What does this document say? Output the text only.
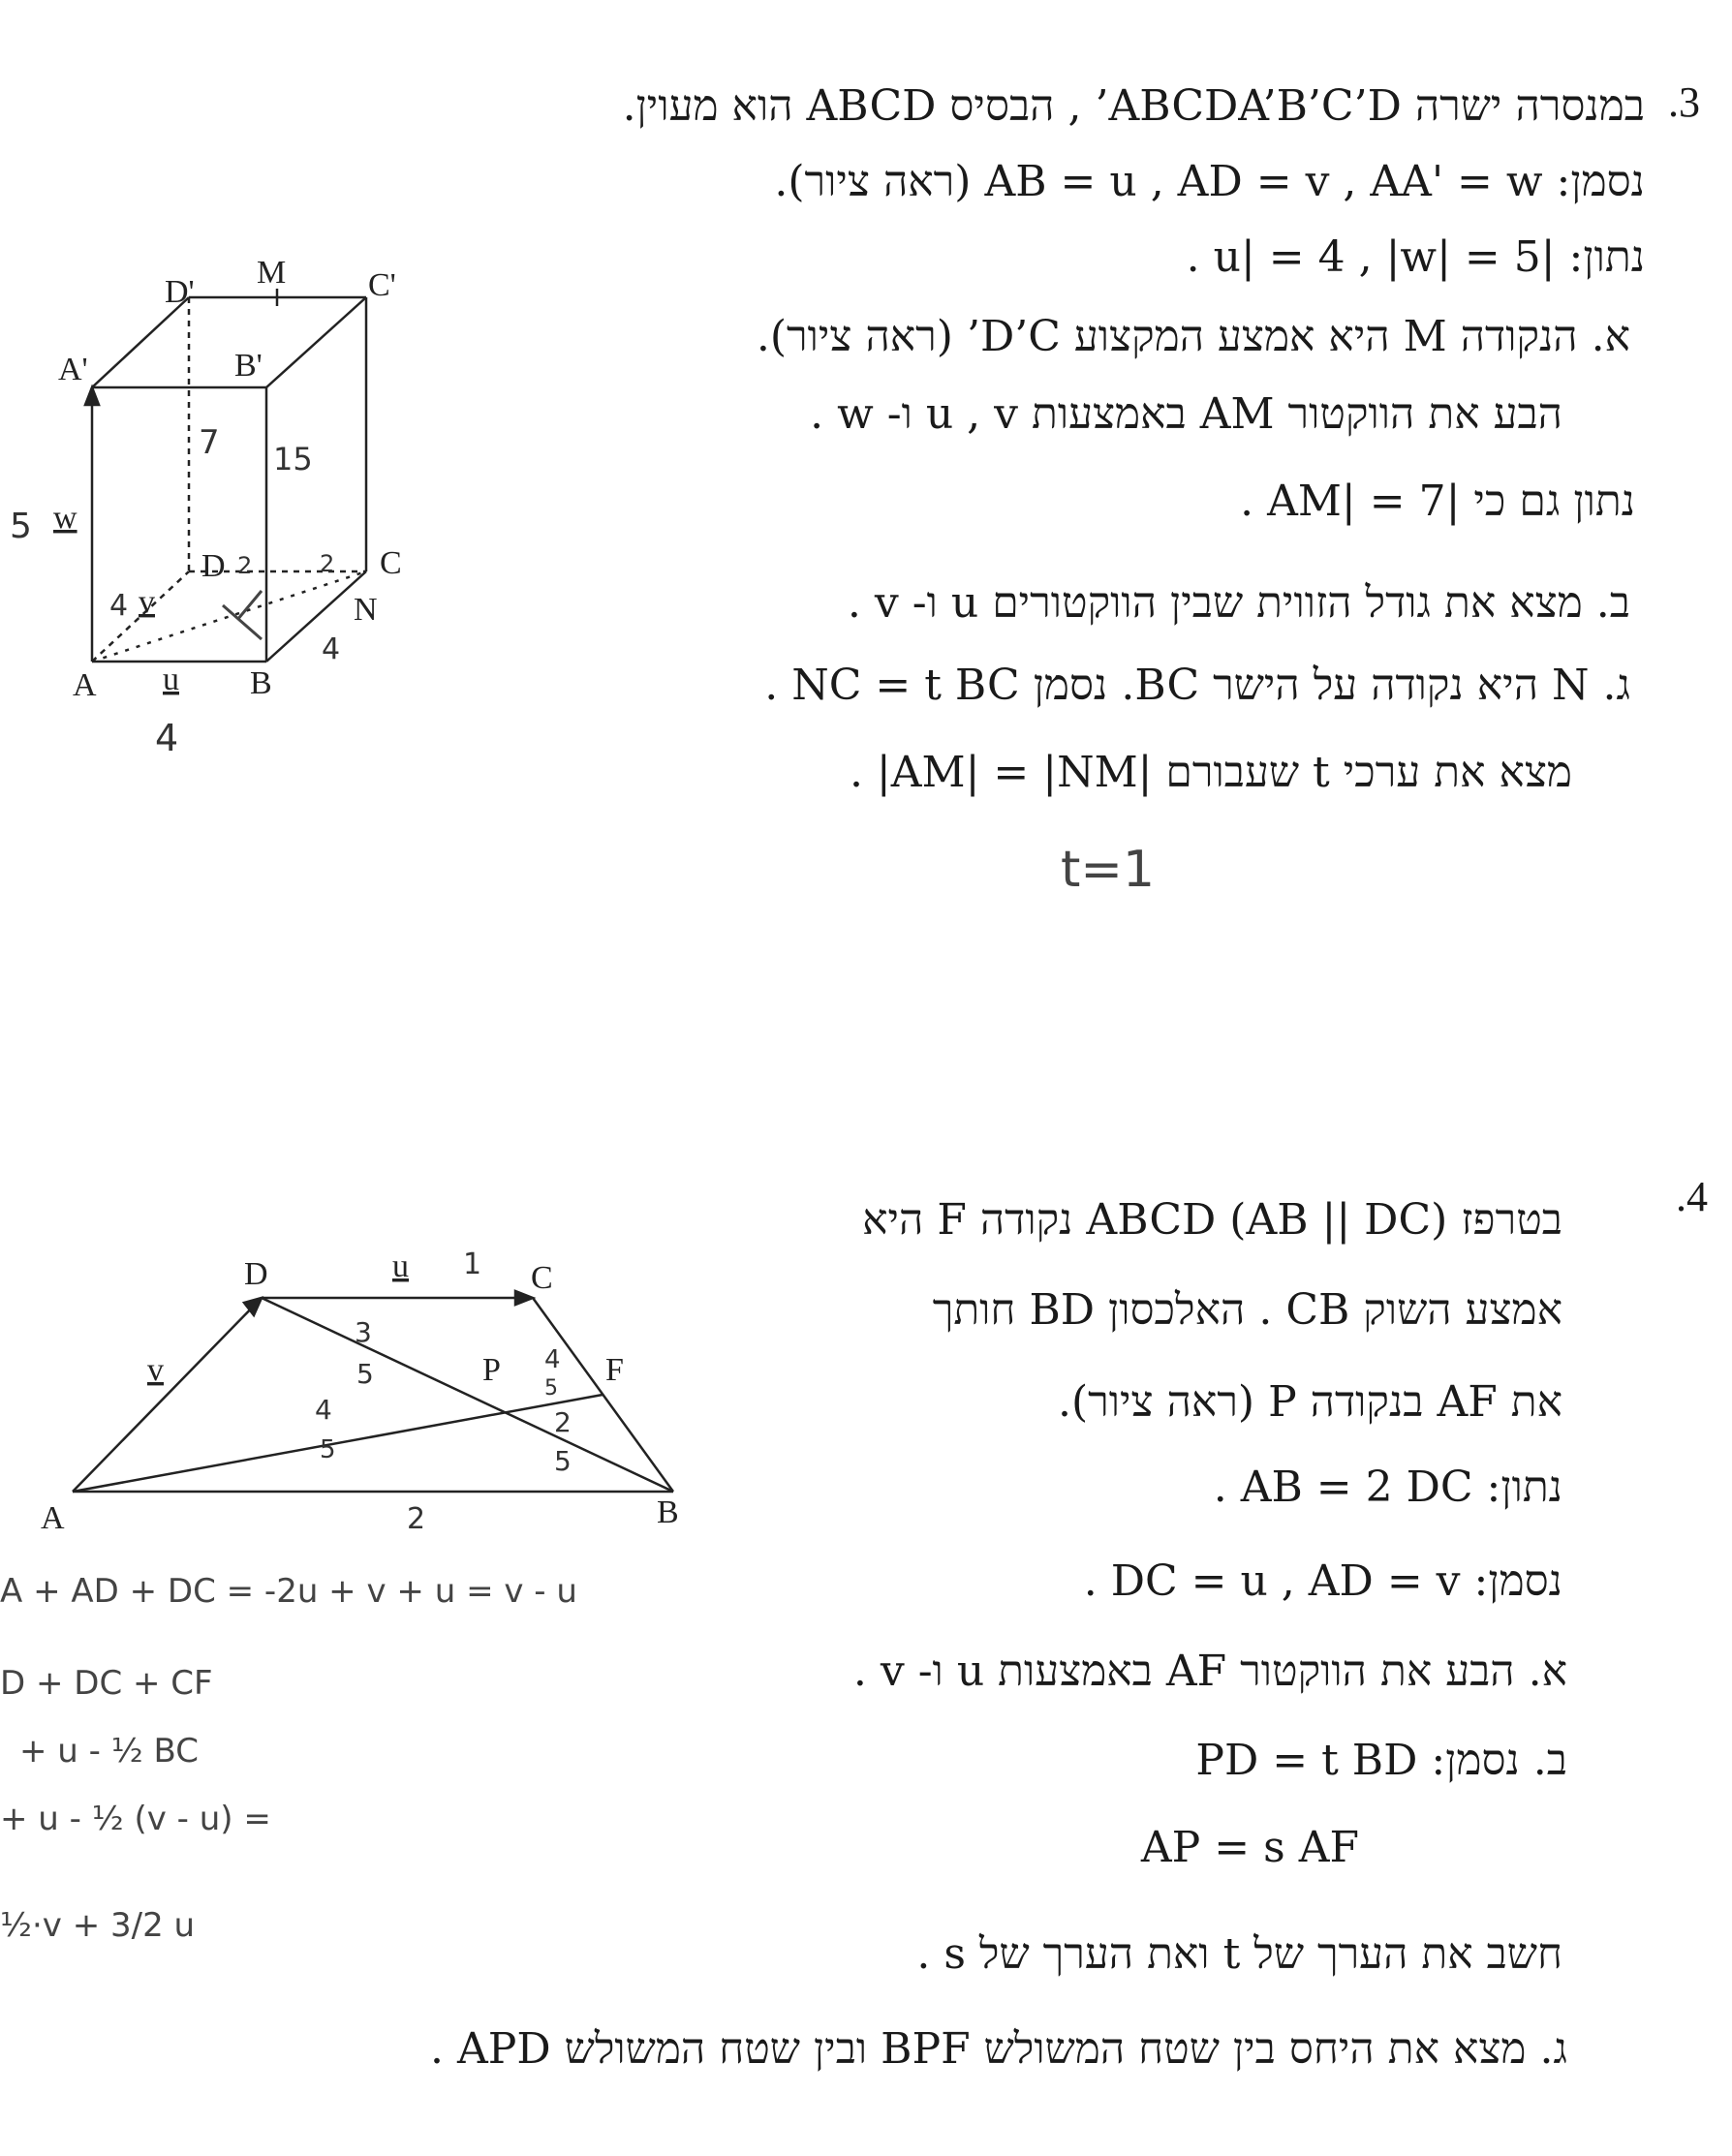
.3
במנסרה ישרה ABCDA’B’C’D’ , הבסיס ABCD הוא מעוין.
נסמן: AB = u , AD = v , AA' = w (ראה ציור).
נתון: |u| = 4 , |w| = 5 .
א. הנקודה M היא אמצע המקצוע D’C’ (ראה ציור).
הבע את הווקטור AM באמצעות u , v ו- w .
נתון גם כי |AM| = 7 .
ב. מצא את גודל הזווית שבין הווקטורים u ו- v .
ג. N היא נקודה על הישר BC. נסמן NC = t BC .
מצא את ערכי t שעבורם |AM| = |NM| .
t=1
.4
בטרפז ABCD (AB || DC) נקודה F היא
אמצע השוק CB . האלכסון BD חותך
את AF בנקודה P (ראה ציור).
נתון: AB = 2 DC .
נסמן: DC = u , AD = v .
א. הבע את הווקטור AF באמצעות u ו- v .
ב. נסמן: PD = t BD
AP = s AF
חשב את הערך של t ואת הערך של s .
ג. מצא את היחס בין שטח המשולש BPF ובין שטח המשולש APD .
D'
M C'
A'	B'
D	C
A	B
N
w
v
u
5
7 15
4
4
4
2	2
D	C
A	B
P	F
u
v
1
3
5
4
5
4
5
2
5
2
A + AD + DC = -2u + v + u = v - u
D + DC + CF
+ u - ½ BC
+ u - ½ (v - u) =
½·v + 3/2 u
